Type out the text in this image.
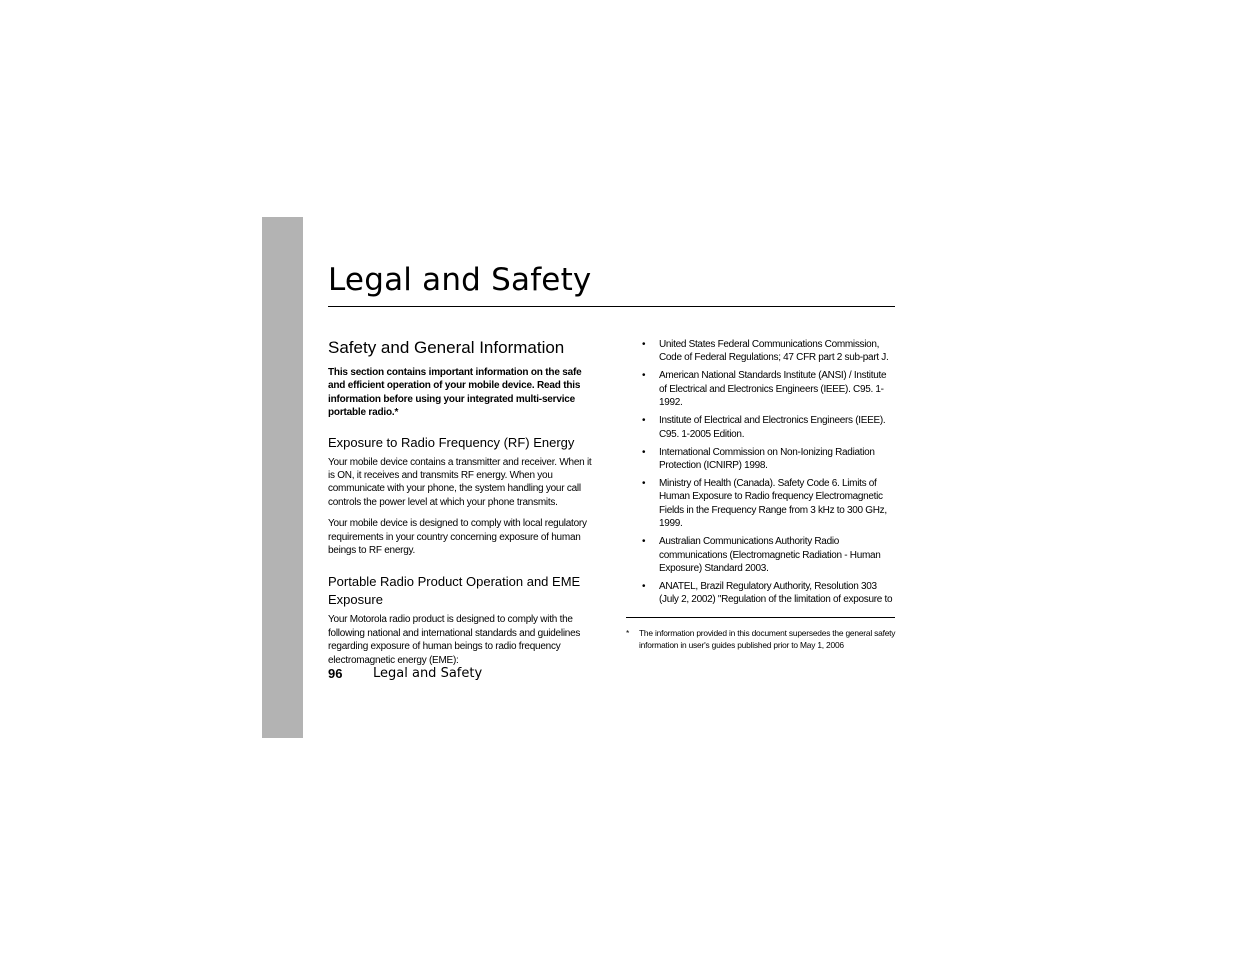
Legal and Safety
Safety and General Information

This section contains important information on the safe and efficient operation of your mobile device. Read this information before using your integrated multi-service portable radio.*

Exposure to Radio Frequency (RF) Energy

Your mobile device contains a transmitter and receiver. When it is ON, it receives and transmits RF energy. When you communicate with your phone, the system handling your call controls the power level at which your phone transmits.

Your mobile device is designed to comply with local regulatory requirements in your country concerning exposure of human beings to RF energy.

Portable Radio Product Operation and EME Exposure

Your Motorola radio product is designed to comply with the following national and international standards and guidelines regarding exposure of human beings to radio frequency electromagnetic energy (EME):

• United States Federal Communications Commission, Code of Federal Regulations; 47 CFR part 2 sub-part J.
• American National Standards Institute (ANSI) / Institute of Electrical and Electronics Engineers (IEEE). C95. 1-1992.
• Institute of Electrical and Electronics Engineers (IEEE). C95. 1-2005 Edition.
• International Commission on Non-Ionizing Radiation Protection (ICNIRP) 1998.
• Ministry of Health (Canada). Safety Code 6. Limits of Human Exposure to Radio frequency Electromagnetic Fields in the Frequency Range from 3 kHz to 300 GHz, 1999.
• Australian Communications Authority Radio communications (Electromagnetic Radiation - Human Exposure) Standard 2003.
• ANATEL, Brazil Regulatory Authority, Resolution 303 (July 2, 2002) "Regulation of the limitation of exposure to
*	The information provided in this document supersedes the general safety information in user's guides published prior to May 1, 2006
96 Legal and Safety
